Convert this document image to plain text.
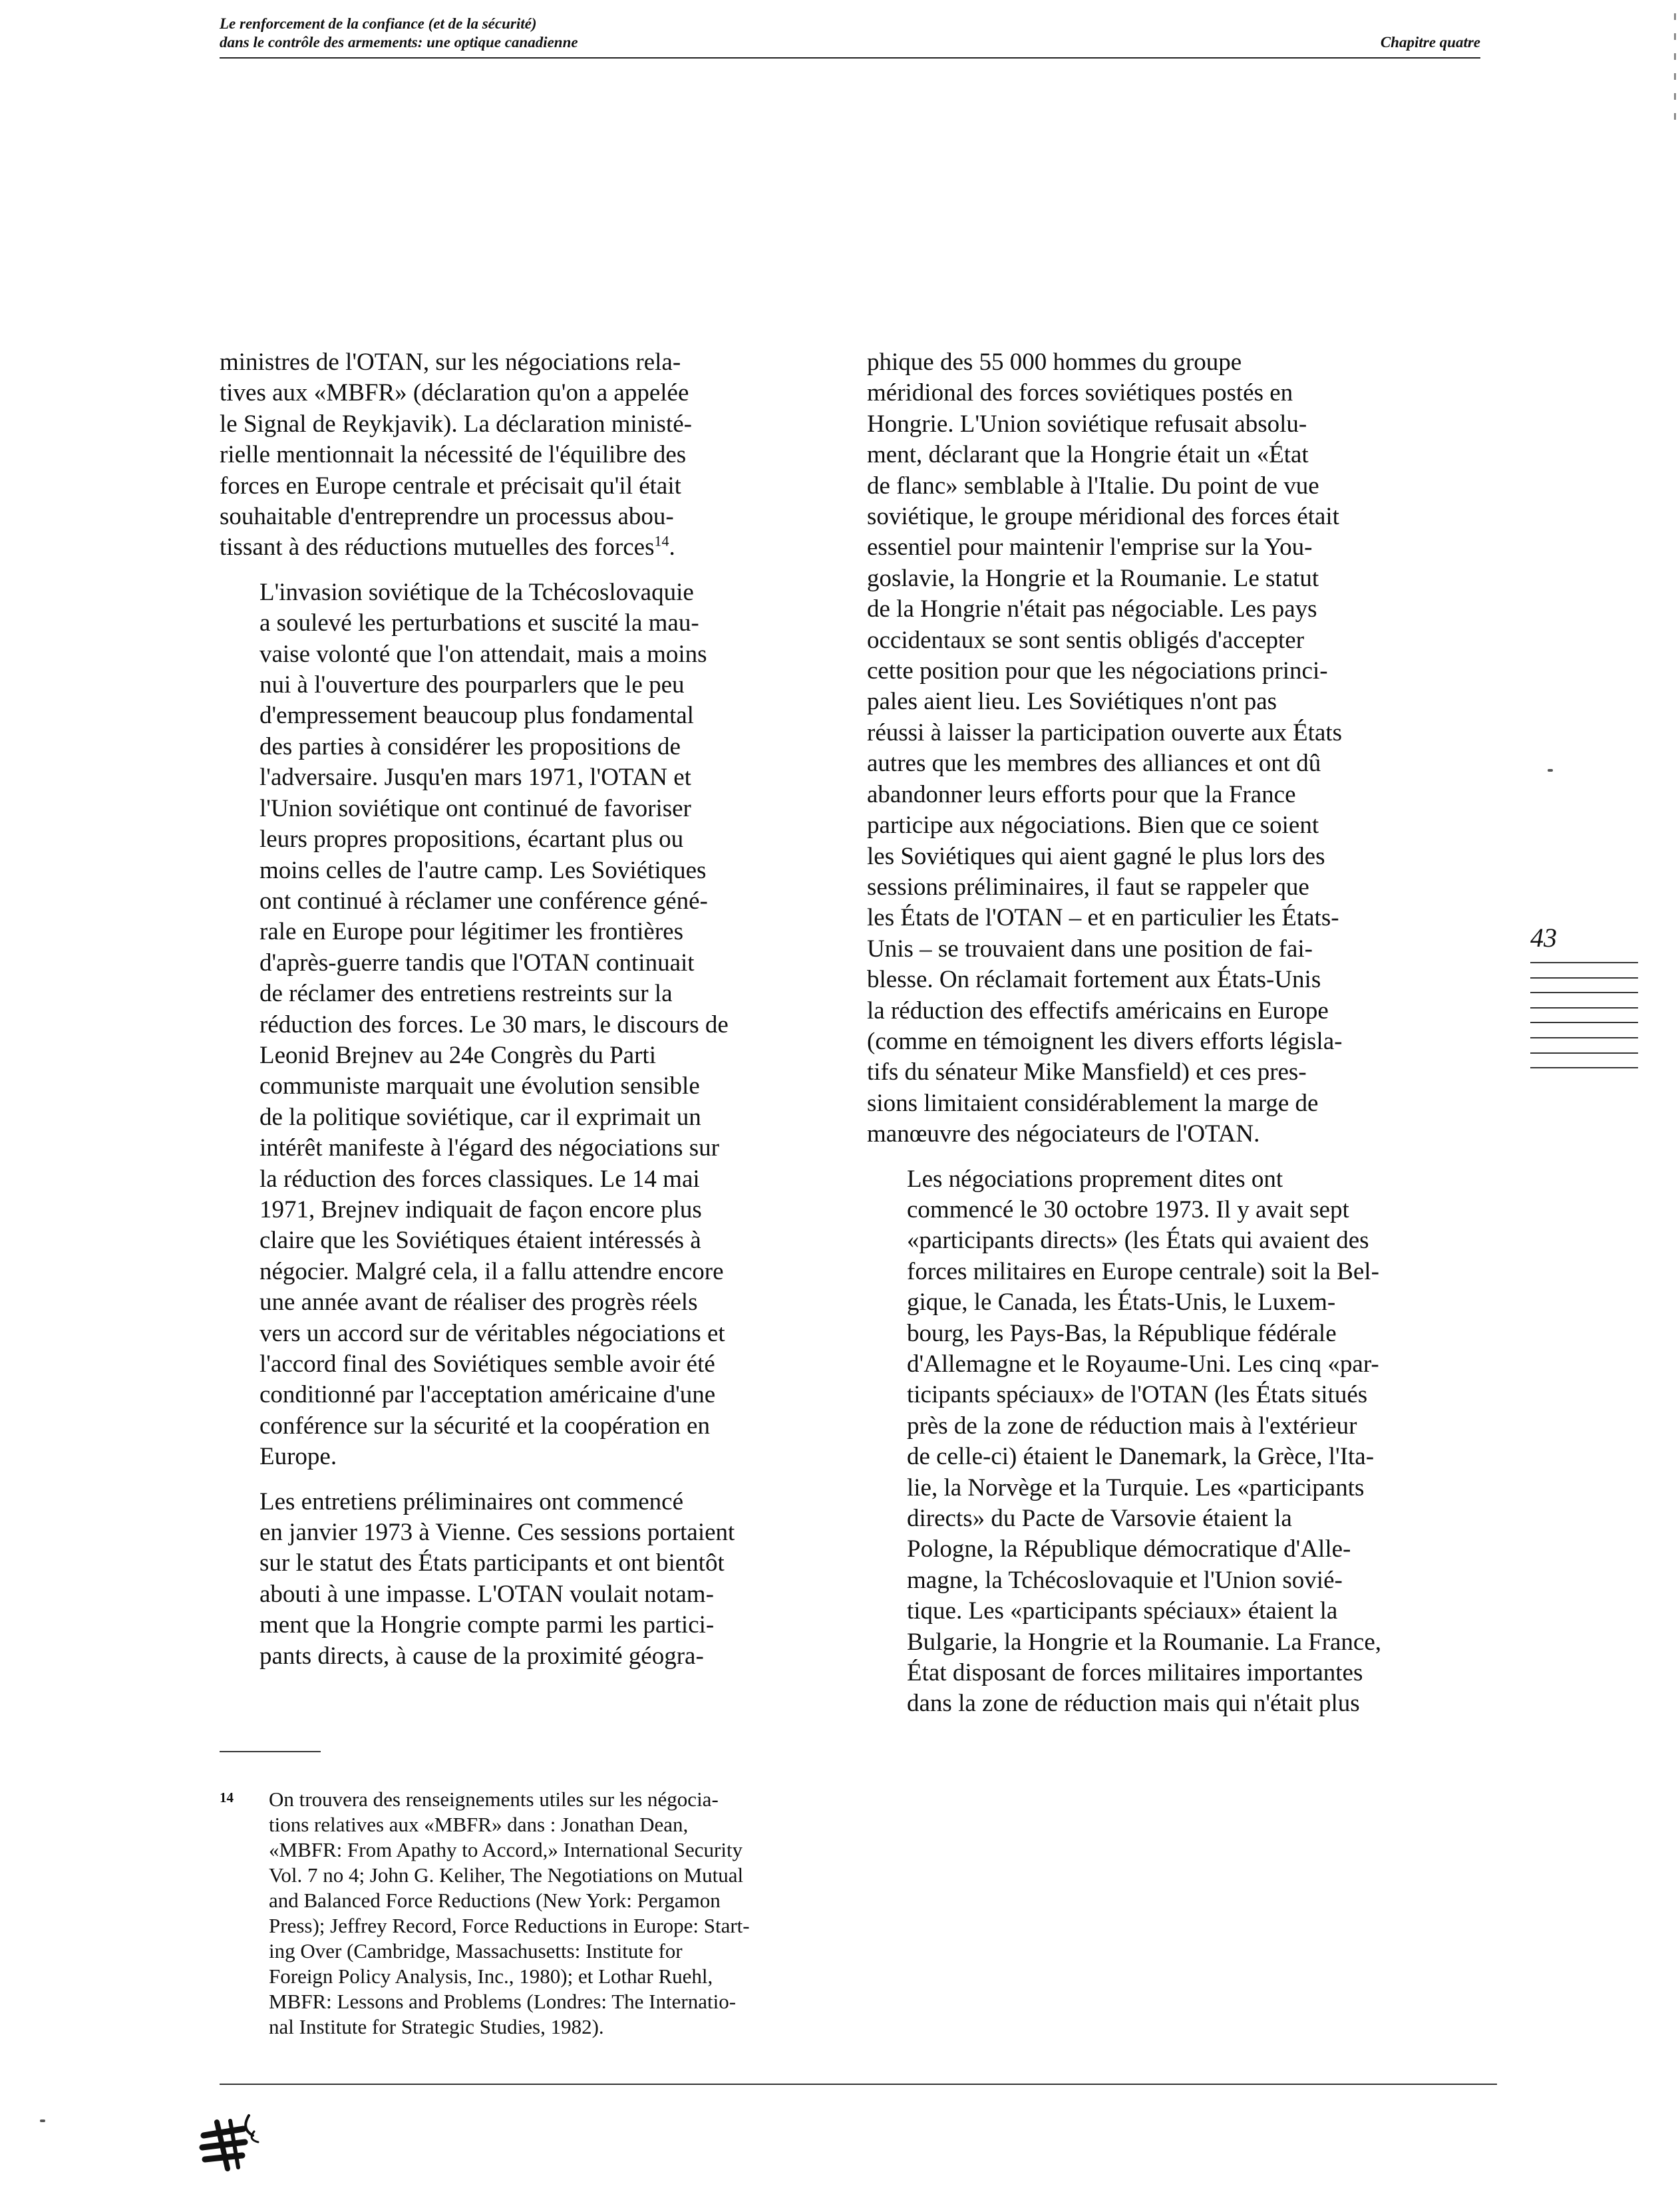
Le renforcement de la confiance (et de la sécurité)
dans le contrôle des armements: une optique canadienne	Chapitre quatre

ministres de l'OTAN, sur les négociations rela-
tives aux «MBFR» (déclaration qu'on a appelée
le Signal de Reykjavik). La déclaration ministé-
rielle mentionnait la nécessité de l'équilibre des
forces en Europe centrale et précisait qu'il était
souhaitable d'entreprendre un processus abou-
tissant à des réductions mutuelles des forces$^{14}$.

L'invasion soviétique de la Tchécoslovaquie
a soulevé les perturbations et suscité la mau-
vaise volonté que l'on attendait, mais a moins
nui à l'ouverture des pourparlers que le peu
d'empressement beaucoup plus fondamental
des parties à considérer les propositions de
l'adversaire. Jusqu'en mars 1971, l'OTAN et
l'Union soviétique ont continué de favoriser
leurs propres propositions, écartant plus ou
moins celles de l'autre camp. Les Soviétiques
ont continué à réclamer une conférence géné-
rale en Europe pour légitimer les frontières
d'après-guerre tandis que l'OTAN continuait
de réclamer des entretiens restreints sur la
réduction des forces. Le 30 mars, le discours de
Leonid Brejnev au 24e Congrès du Parti
communiste marquait une évolution sensible
de la politique soviétique, car il exprimait un
intérêt manifeste à l'égard des négociations sur
la réduction des forces classiques. Le 14 mai
1971, Brejnev indiquait de façon encore plus
claire que les Soviétiques étaient intéressés à
négocier. Malgré cela, il a fallu attendre encore
une année avant de réaliser des progrès réels
vers un accord sur de véritables négociations et
l'accord final des Soviétiques semble avoir été
conditionné par l'acceptation américaine d'une
conférence sur la sécurité et la coopération en
Europe.

Les entretiens préliminaires ont commencé
en janvier 1973 à Vienne. Ces sessions portaient
sur le statut des États participants et ont bientôt
abouti à une impasse. L'OTAN voulait notam-
ment que la Hongrie compte parmi les partici-
pants directs, à cause de la proximité géogra-

phique des 55 000 hommes du groupe
méridional des forces soviétiques postés en
Hongrie. L'Union soviétique refusait absolu-
ment, déclarant que la Hongrie était un «État
de flanc» semblable à l'Italie. Du point de vue
soviétique, le groupe méridional des forces était
essentiel pour maintenir l'emprise sur la You-
goslavie, la Hongrie et la Roumanie. Le statut
de la Hongrie n'était pas négociable. Les pays
occidentaux se sont sentis obligés d'accepter
cette position pour que les négociations princi-
pales aient lieu. Les Soviétiques n'ont pas
réussi à laisser la participation ouverte aux États
autres que les membres des alliances et ont dû
abandonner leurs efforts pour que la France
participe aux négociations. Bien que ce soient
les Soviétiques qui aient gagné le plus lors des
sessions préliminaires, il faut se rappeler que
les États de l'OTAN – et en particulier les États-
Unis – se trouvaient dans une position de fai-
blesse. On réclamait fortement aux États-Unis
la réduction des effectifs américains en Europe
(comme en témoignent les divers efforts législa-
tifs du sénateur Mike Mansfield) et ces pres-
sions limitaient considérablement la marge de
manœuvre des négociateurs de l'OTAN.

Les négociations proprement dites ont
commencé le 30 octobre 1973. Il y avait sept
«participants directs» (les États qui avaient des
forces militaires en Europe centrale) soit la Bel-
gique, le Canada, les États-Unis, le Luxem-
bourg, les Pays-Bas, la République fédérale
d'Allemagne et le Royaume-Uni. Les cinq «par-
ticipants spéciaux» de l'OTAN (les États situés
près de la zone de réduction mais à l'extérieur
de celle-ci) étaient le Danemark, la Grèce, l'Ita-
lie, la Norvège et la Turquie. Les «participants
directs» du Pacte de Varsovie étaient la
Pologne, la République démocratique d'Alle-
magne, la Tchécoslovaquie et l'Union sovié-
tique. Les «participants spéciaux» étaient la
Bulgarie, la Hongrie et la Roumanie. La France,
État disposant de forces militaires importantes
dans la zone de réduction mais qui n'était plus

43
14 On trouvera des renseignements utiles sur les négocia-
tions relatives aux «MBFR» dans : Jonathan Dean,
«MBFR: From Apathy to Accord,» International Security
Vol. 7 no 4; John G. Keliher, The Negotiations on Mutual
and Balanced Force Reductions (New York: Pergamon
Press); Jeffrey Record, Force Reductions in Europe: Start-
ing Over (Cambridge, Massachusetts: Institute for
Foreign Policy Analysis, Inc., 1980); et Lothar Ruehl,
MBFR: Lessons and Problems (Londres: The Internatio-
nal Institute for Strategic Studies, 1982).
